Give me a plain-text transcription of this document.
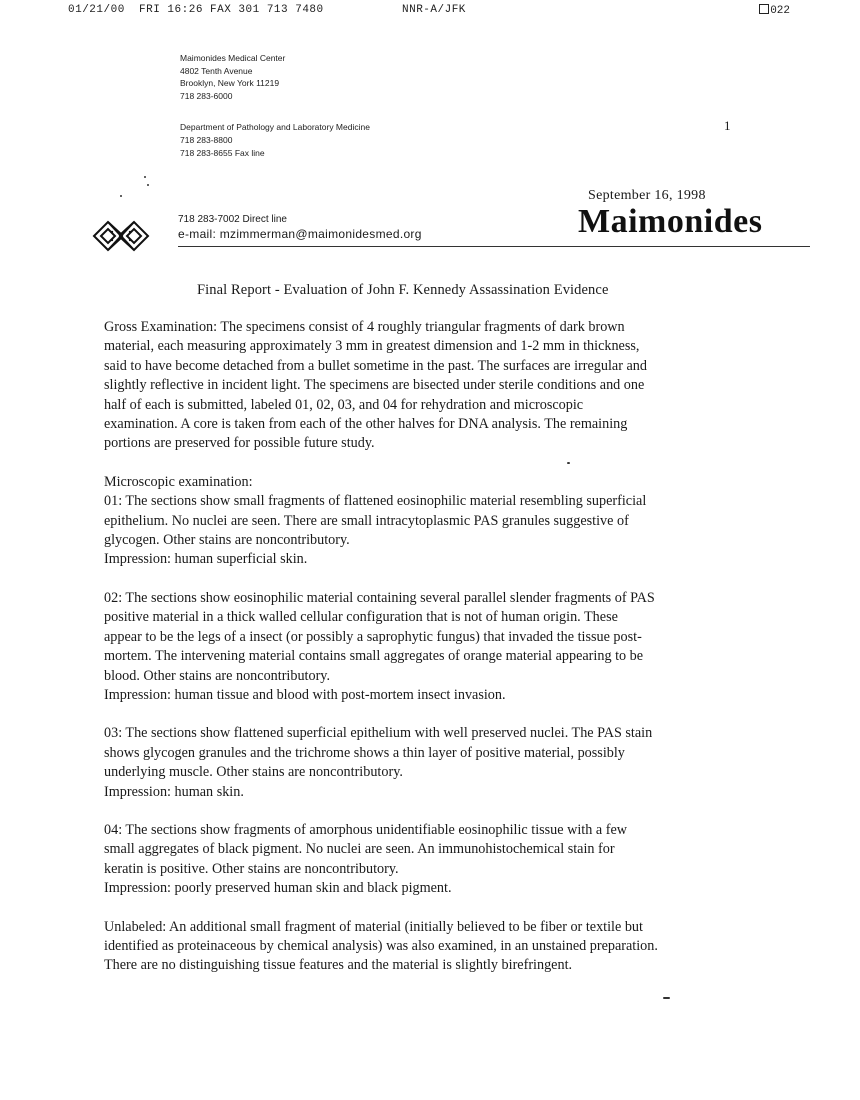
01/21/00  FRI 16:26 FAX 301 713 7480	NNR-A/JFK	022
Maimonides Medical Center
4802 Tenth Avenue
Brooklyn, New York 11219
718 283-6000
Department of Pathology and Laboratory Medicine
718 283-8800
718 283-8655 Fax line
1
September 16, 1998
Maimonides
718 283-7002 Direct line
e-mail: mzimmerman@maimonidesmed.org
Final Report - Evaluation of John F. Kennedy Assassination Evidence
Gross Examination: The specimens consist of 4 roughly triangular fragments of dark brown
material, each measuring approximately 3 mm in greatest dimension and 1-2 mm in thickness,
said to have become detached from a bullet sometime in the past. The surfaces are irregular and
slightly reflective in incident light. The specimens are bisected under sterile conditions and one
half of each is submitted, labeled 01, 02, 03, and 04 for rehydration and microscopic
examination. A core is taken from each of the other halves for DNA analysis. The remaining
portions are preserved for possible future study.
Microscopic examination:
01: The sections show small fragments of flattened eosinophilic material resembling superficial
epithelium. No nuclei are seen. There are small intracytoplasmic PAS granules suggestive of
glycogen. Other stains are noncontributory.
Impression: human superficial skin.
02: The sections show eosinophilic material containing several parallel slender fragments of PAS
positive material in a thick walled cellular configuration that is not of human origin. These
appear to be the legs of a insect (or possibly a saprophytic fungus) that invaded the tissue post-
mortem. The intervening material contains small aggregates of orange material appearing to be
blood. Other stains are noncontributory.
Impression: human tissue and blood with post-mortem insect invasion.
03: The sections show flattened superficial epithelium with well preserved nuclei. The PAS stain
shows glycogen granules and the trichrome shows a thin layer of positive material, possibly
underlying muscle. Other stains are noncontributory.
Impression: human skin.
04: The sections show fragments of amorphous unidentifiable eosinophilic tissue with a few
small aggregates of black pigment. No nuclei are seen. An immunohistochemical stain for
keratin is positive. Other stains are noncontributory.
Impression: poorly preserved human skin and black pigment.
Unlabeled: An additional small fragment of material (initially believed to be fiber or textile but
identified as proteinaceous by chemical analysis) was also examined, in an unstained preparation.
There are no distinguishing tissue features and the material is slightly birefringent.
